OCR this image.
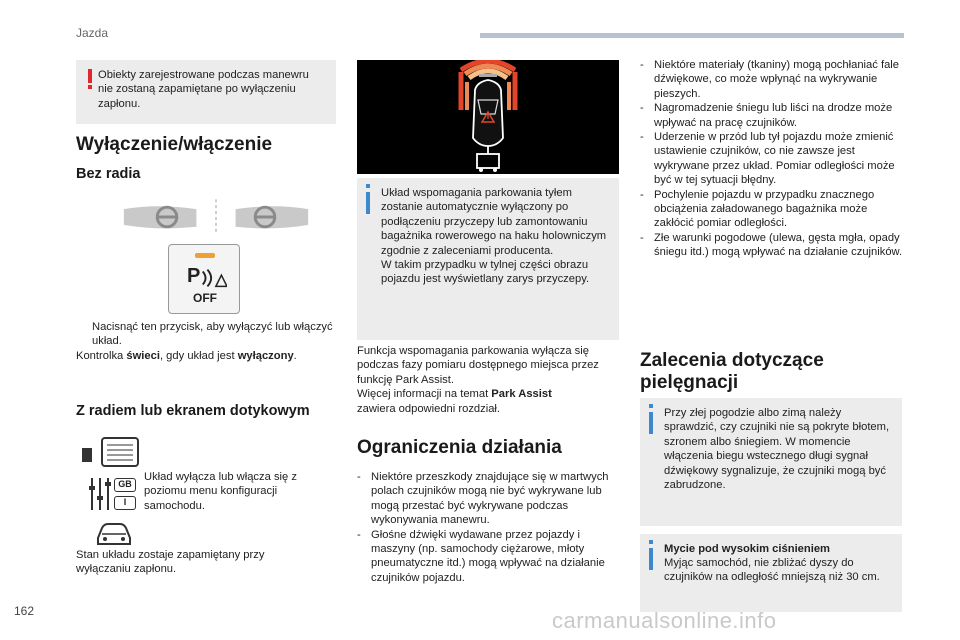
Jazda
Obiekty zarejestrowane podczas manewru nie zostaną zapamiętane po wyłączeniu zapłonu.
Wyłączenie/włączenie
Bez radia
P
OFF
Nacisnąć ten przycisk, aby wyłączyć lub włączyć układ.
Kontrolka świeci, gdy układ jest wyłączony.
Z radiem lub ekranem dotykowym
GB
I
Układ wyłącza lub włącza się z poziomu menu konfiguracji samochodu.
Stan układu zostaje zapamiętany przy wyłączaniu zapłonu.
Układ wspomagania parkowania tyłem zostanie automatycznie wyłączony po podłączeniu przyczepy lub zamontowaniu bagażnika rowerowego na haku holowniczym zgodnie z zaleceniami producenta.
W takim przypadku w tylnej części obrazu pojazdu jest wyświetlany zarys przyczepy.
Funkcja wspomagania parkowania wyłącza się podczas fazy pomiaru dostępnego miejsca przez funkcję Park Assist.
Więcej informacji na temat Park Assist
zawiera odpowiedni rozdział.
Ograniczenia działania
- Niektóre przeszkody znajdujące się w martwych polach czujników mogą nie być wykrywane lub mogą przestać być wykrywane podczas wykonywania manewru.
- Głośne dźwięki wydawane przez pojazdy i maszyny (np. samochody ciężarowe, młoty pneumatyczne itd.) mogą wpływać na działanie czujników pojazdu.
- Niektóre materiały (tkaniny) mogą pochłaniać fale dźwiękowe, co może wpłynąć na wykrywanie pieszych.
- Nagromadzenie śniegu lub liści na drodze może wpływać na pracę czujników.
- Uderzenie w przód lub tył pojazdu może zmienić ustawienie czujników, co nie zawsze jest wykrywane przez układ. Pomiar odległości może być w tej sytuacji błędny.
- Pochylenie pojazdu w przypadku znacznego obciążenia załadowanego bagażnika może zakłócić pomiar odległości.
- Złe warunki pogodowe (ulewa, gęsta mgła, opady śniegu itd.) mogą wpływać na działanie czujników.
Zalecenia dotyczące pielęgnacji
Przy złej pogodzie albo zimą należy sprawdzić, czy czujniki nie są pokryte błotem, szronem albo śniegiem. W momencie włączenia biegu wstecznego długi sygnał dźwiękowy sygnalizuje, że czujniki mogą być zabrudzone.
Mycie pod wysokim ciśnieniem
Myjąc samochód, nie zbliżać dyszy do czujników na odległość mniejszą niż 30 cm.
162	carmanualsonline.info
